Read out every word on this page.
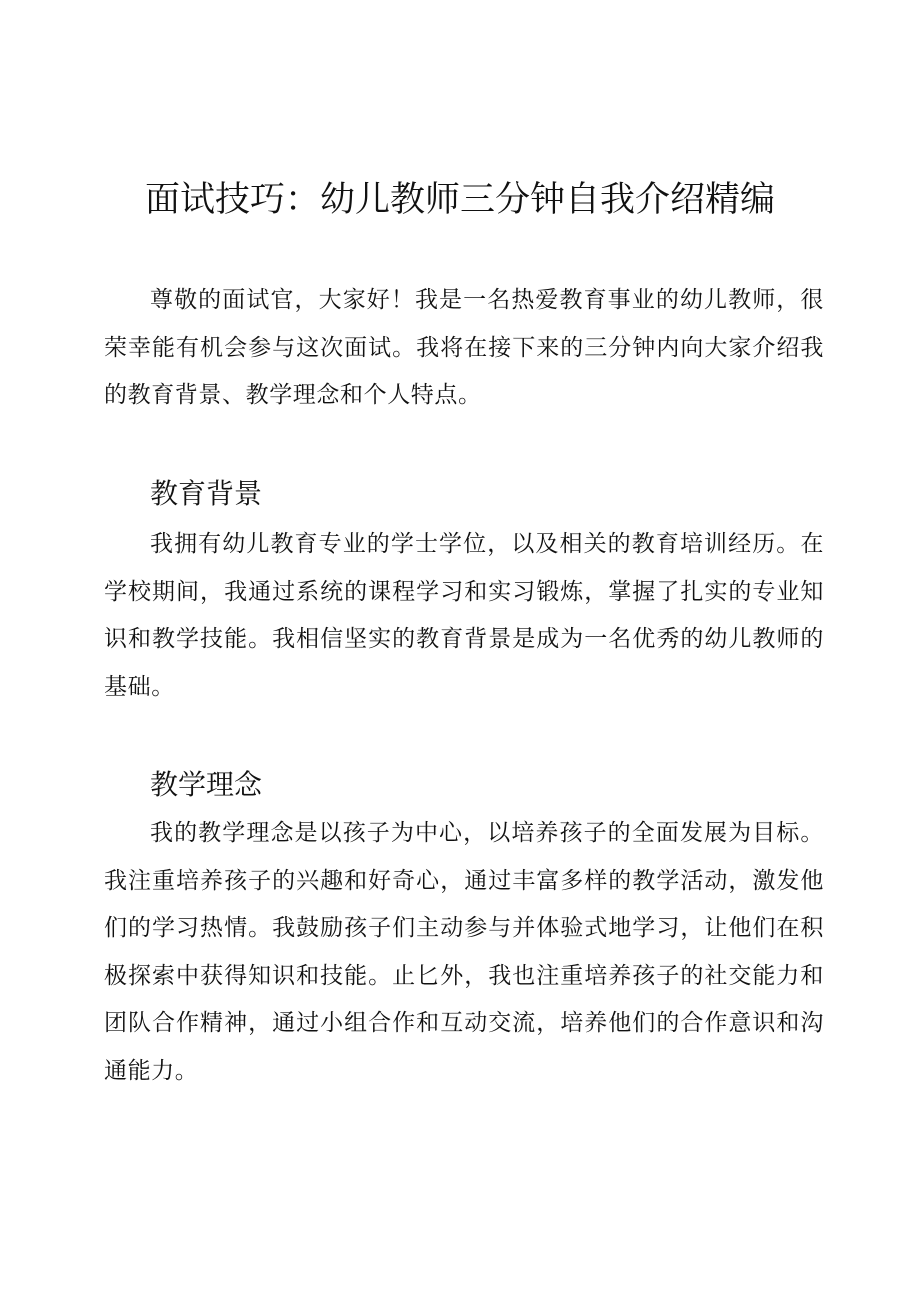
面试技巧：幼儿教师三分钟自我介绍精编

尊敬的面试官，大家好！我是一名热爱教育事业的幼儿教师，很荣幸能有机会参与这次面试。我将在接下来的三分钟内向大家介绍我的教育背景、教学理念和个人特点。

教育背景

我拥有幼儿教育专业的学士学位，以及相关的教育培训经历。在学校期间，我通过系统的课程学习和实习锻炼，掌握了扎实的专业知识和教学技能。我相信坚实的教育背景是成为一名优秀的幼儿教师的基础。

教学理念

我的教学理念是以孩子为中心，以培养孩子的全面发展为目标。我注重培养孩子的兴趣和好奇心，通过丰富多样的教学活动，激发他们的学习热情。我鼓励孩子们主动参与并体验式地学习，让他们在积极探索中获得知识和技能。止匕外，我也注重培养孩子的社交能力和团队合作精神，通过小组合作和互动交流，培养他们的合作意识和沟通能力。
